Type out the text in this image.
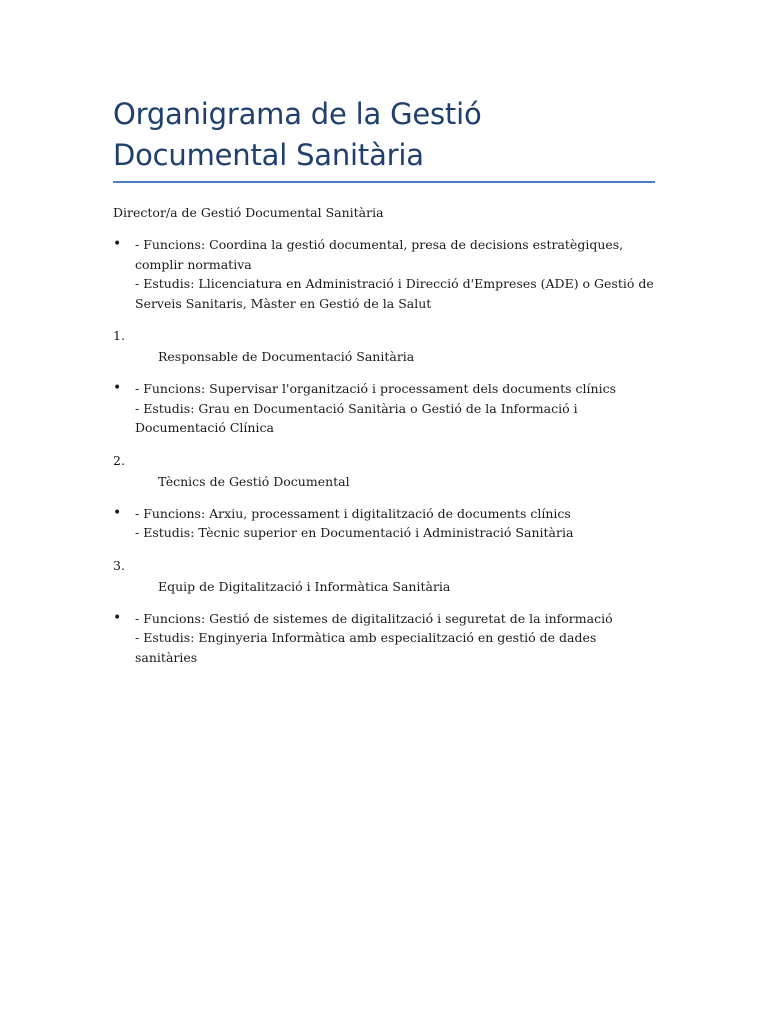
Organigrama de la Gestió Documental Sanitària
Director/a de Gestió Documental Sanitària
• - Funcions: Coordina la gestió documental, presa de decisions estratègiques, complir normativa
- Estudis: Llicenciatura en Administració i Direcció d'Empreses (ADE) o Gestió de Serveis Sanitaris, Màster en Gestió de la Salut
1.
Responsable de Documentació Sanitària
• - Funcions: Supervisar l'organització i processament dels documents clínics
- Estudis: Grau en Documentació Sanitària o Gestió de la Informació i Documentació Clínica
2.
Tècnics de Gestió Documental
• - Funcions: Arxiu, processament i digitalització de documents clínics
- Estudis: Tècnic superior en Documentació i Administració Sanitària
3.
Equip de Digitalització i Informàtica Sanitària
• - Funcions: Gestió de sistemes de digitalització i seguretat de la informació
- Estudis: Enginyeria Informàtica amb especialització en gestió de dades sanitàries
